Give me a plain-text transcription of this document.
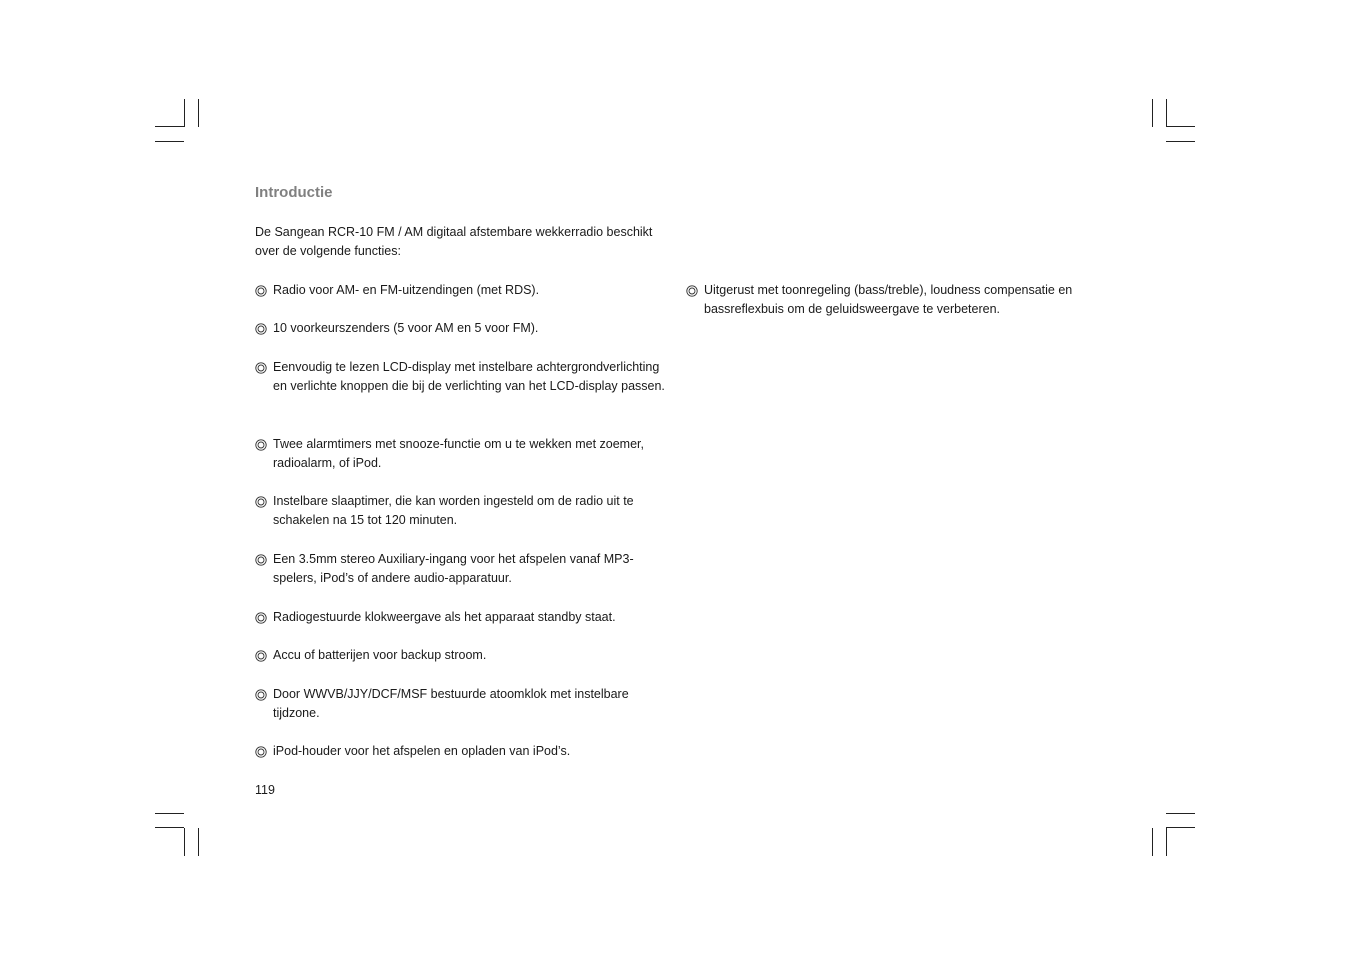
Introductie

De Sangean RCR-10 FM / AM digitaal afstembare wekkerradio beschikt over de volgende functies:

Radio voor AM- en FM-uitzendingen (met RDS).
10 voorkeurszenders (5 voor AM en 5 voor FM).
Eenvoudig te lezen LCD-display met instelbare achtergrondverlichting en verlichte knoppen die bij de verlichting van het LCD-display passen.
Twee alarmtimers met snooze-functie om u te wekken met zoemer, radioalarm, of iPod.
Instelbare slaaptimer, die kan worden ingesteld om de radio uit te schakelen na 15 tot 120 minuten.
Een 3.5mm stereo Auxiliary-ingang voor het afspelen vanaf MP3-spelers, iPod’s of andere audio-apparatuur.
Radiogestuurde klokweergave als het apparaat standby staat.
Accu of batterijen voor backup stroom.
Door WWVB/JJY/DCF/MSF bestuurde atoomklok met instelbare tijdzone.
iPod-houder voor het afspelen en opladen van iPod’s.
Uitgerust met toonregeling (bass/treble), loudness compensatie en bassreflexbuis om de geluidsweergave te verbeteren.
119
